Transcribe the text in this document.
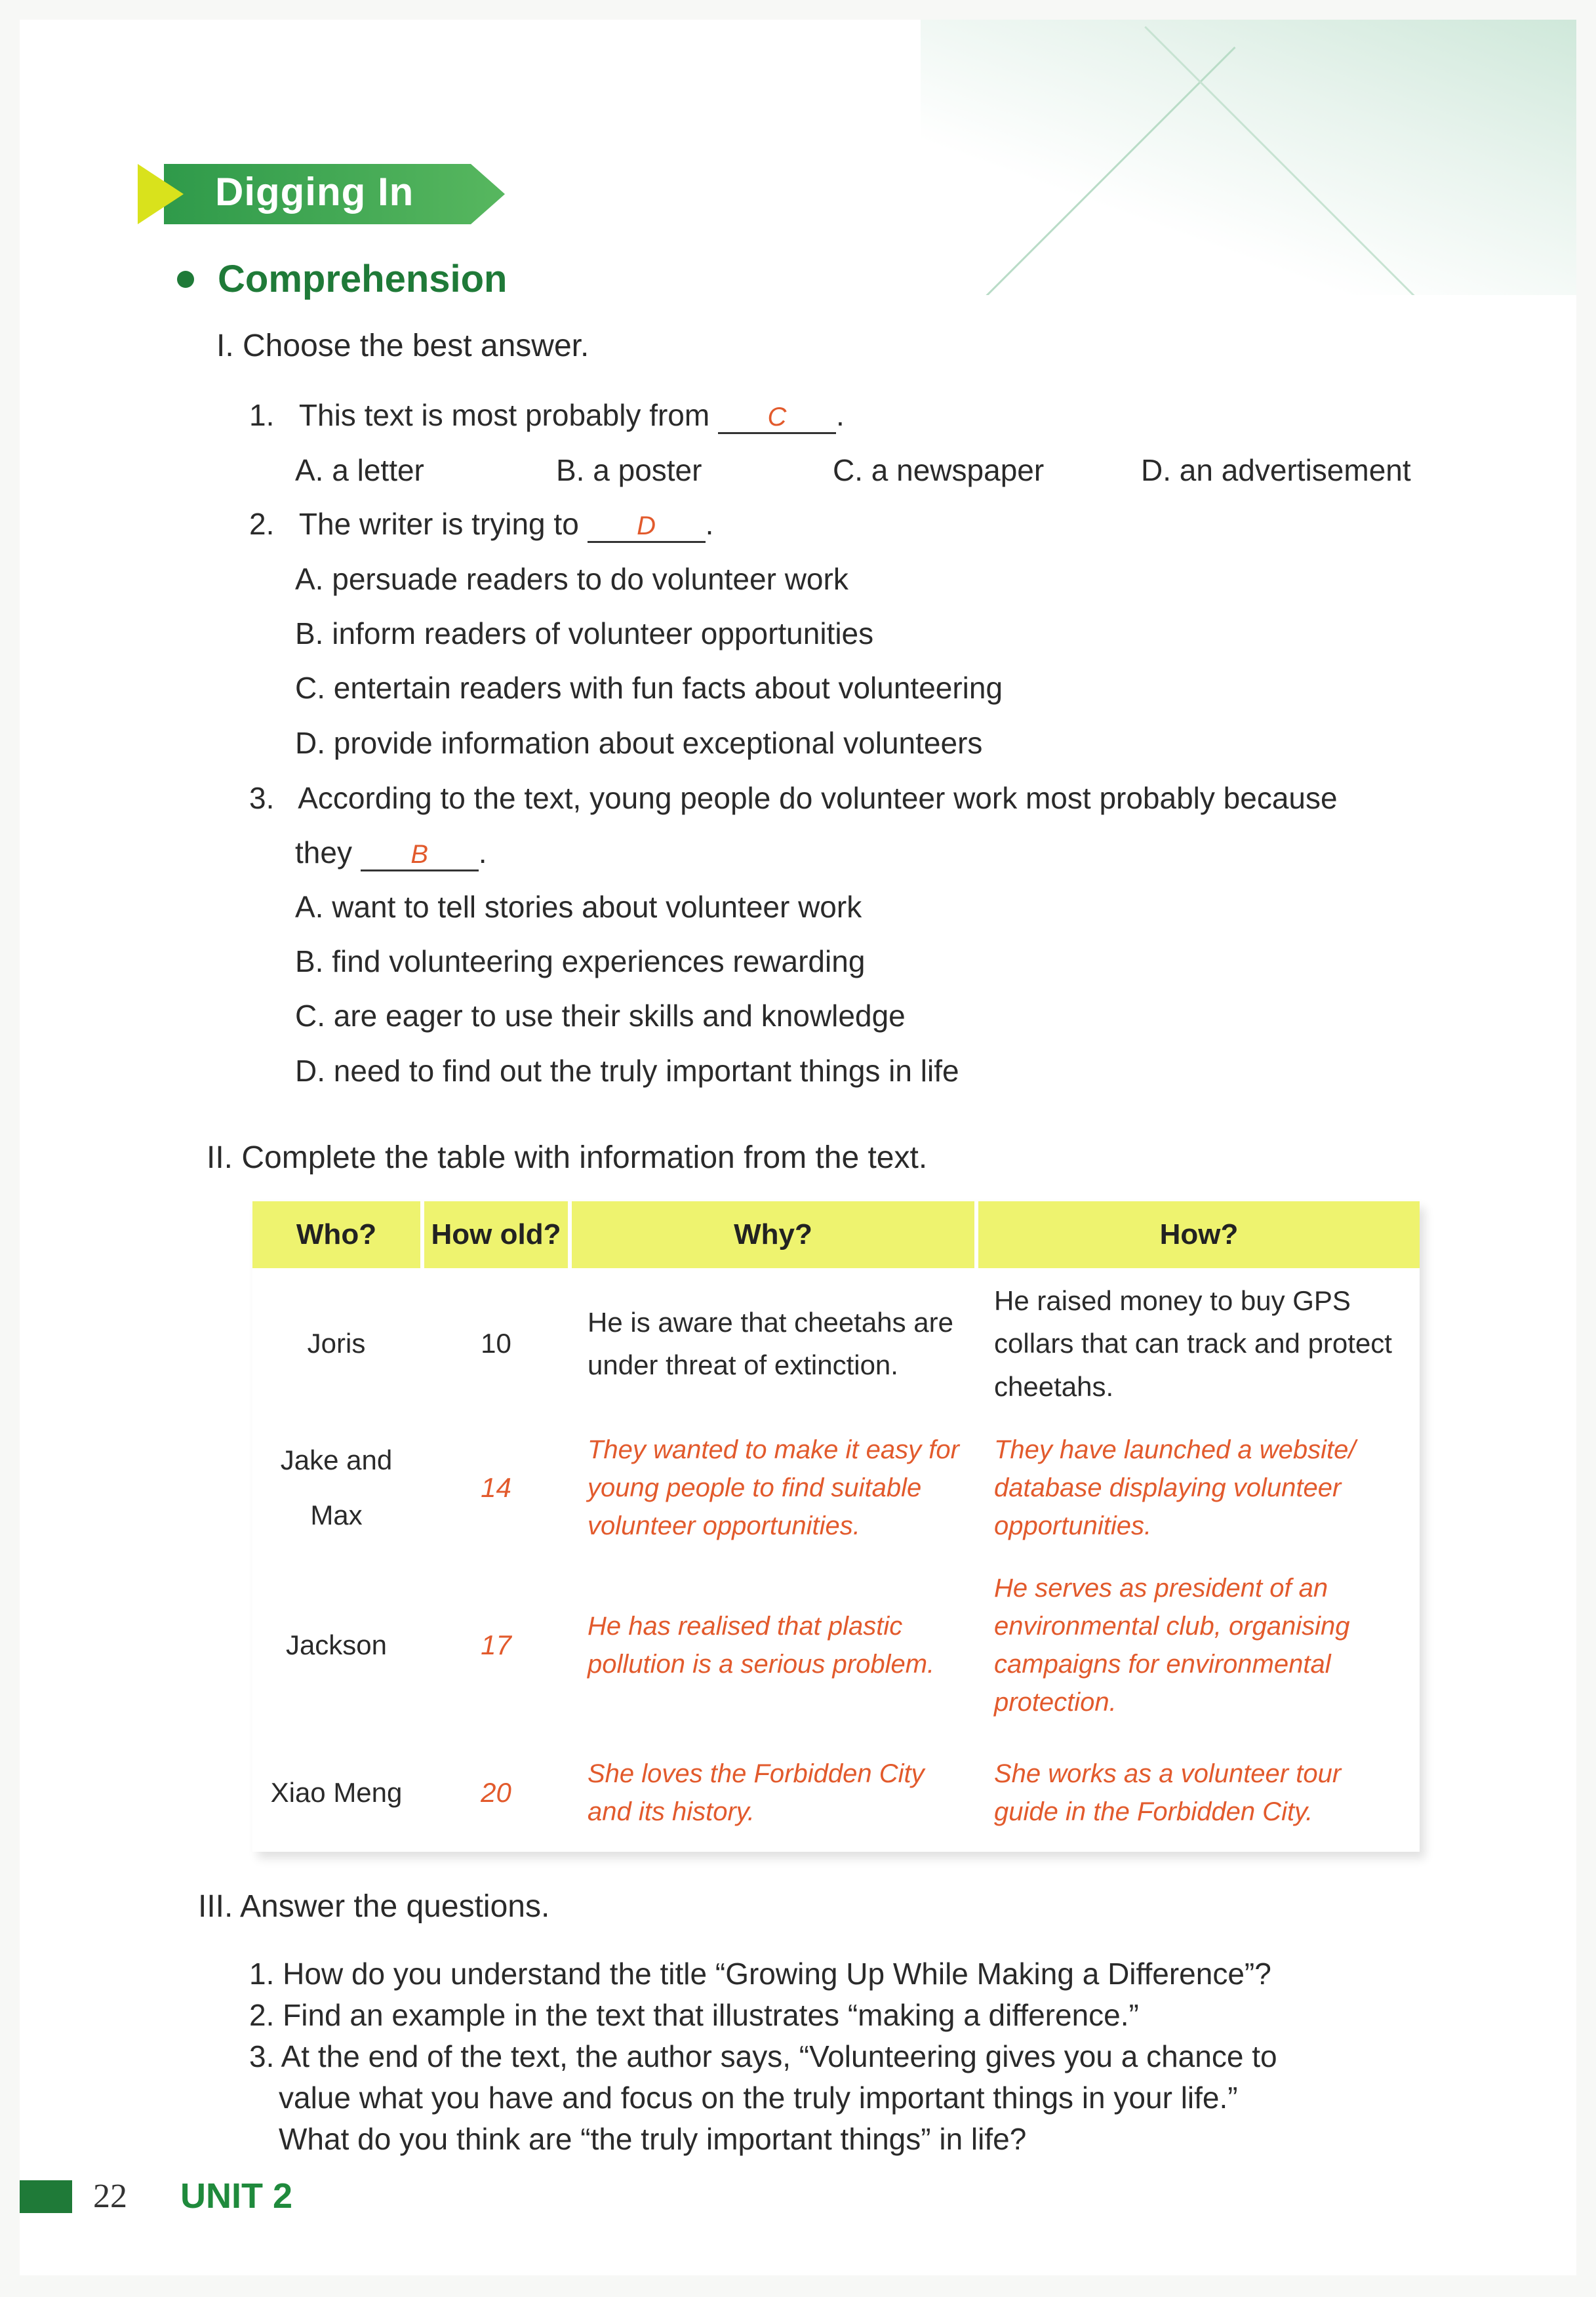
Digging In
Comprehension
I. Choose the best answer.
1. This text is most probably from C .
A. a letter	B. a poster	C. a newspaper	D. an advertisement
2. The writer is trying to D .
A. persuade readers to do volunteer work
B. inform readers of volunteer opportunities
C. entertain readers with fun facts about volunteering
D. provide information about exceptional volunteers
3. According to the text, young people do volunteer work most probably because
they B .
A. want to tell stories about volunteer work
B. find volunteering experiences rewarding
C. are eager to use their skills and knowledge
D. need to find out the truly important things in life
II. Complete the table with information from the text.
Who?	How old?	Why?	How?
Joris	10	He is aware that cheetahs are under threat of extinction.	He raised money to buy GPS collars that can track and protect cheetahs.
Jake and Max	14	They wanted to make it easy for young people to find suitable volunteer opportunities.	They have launched a website/ database displaying volunteer opportunities.
Jackson	17	He has realised that plastic pollution is a serious problem.	He serves as president of an environmental club, organising campaigns for environmental protection.
Xiao Meng	20	She loves the Forbidden City and its history.	She works as a volunteer tour guide in the Forbidden City.
III. Answer the questions.
1. How do you understand the title “Growing Up While Making a Difference”?
2. Find an example in the text that illustrates “making a difference.”
3. At the end of the text, the author says, “Volunteering gives you a chance to
value what you have and focus on the truly important things in your life.”
What do you think are “the truly important things” in life?
22 UNIT 2
